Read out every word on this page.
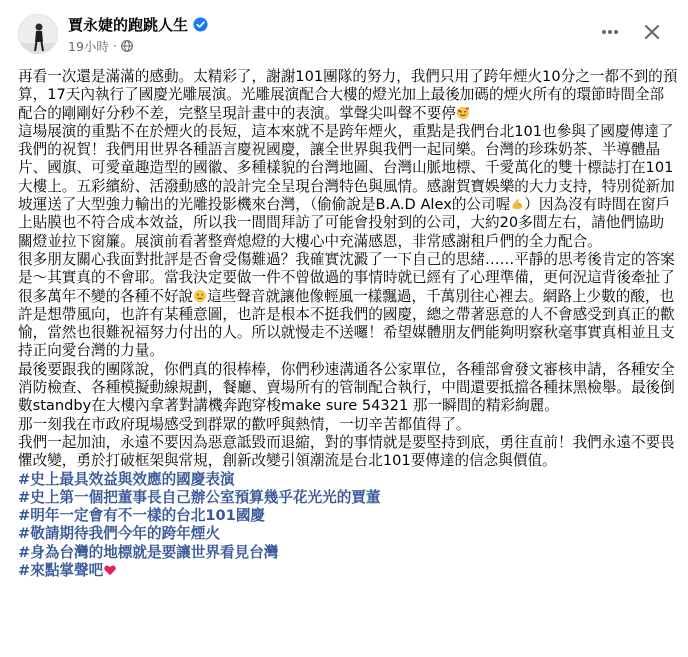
賈永婕的跑跳人生
19小時 ·

再看一次還是滿滿的感動。太精彩了，謝謝101團隊的努力，我們只用了跨年煙火10分之一都不到的預算，17天內執行了國慶光雕展演。光雕展演配合大樓的燈光加上最後加碼的煙火所有的環節時間全部配合的剛剛好分秒不差，完整呈現計畫中的表演。掌聲尖叫聲不要停

這場展演的重點不在於煙火的長短，這本來就不是跨年煙火，重點是我們台北101也參與了國慶傳達了我們的祝賀！我們用世界各種語言慶祝國慶，讓全世界與我們一起同樂。台灣的珍珠奶茶、半導體晶片、國旗、可愛童趣造型的國徽、多種樣貌的台灣地圖、台灣山脈地標、千愛萬化的雙十標誌打在101大樓上。五彩繽紛、活潑動感的設計完全呈現台灣特色與風情。感謝賀寶娛樂的大力支持，特別從新加坡運送了大型強力輸出的光雕投影機來台灣，（偷偷說是B.A.D Alex的公司喔 ）因為沒有時間在窗戶上貼膜也不符合成本效益，所以我一間間拜訪了可能會投射到的公司，大約20多間左右，請他們協助關燈並拉下窗簾。展演前看著整齊熄燈的大樓心中充滿感恩，非常感謝租戶們的全力配合。

很多朋友關心我面對批評是否會受傷難過？我確實沈澱了一下自己的思緒……平靜的思考後肯定的答案是～其實真的不會耶。當我決定要做一件不曾做過的事情時就已經有了心理準備，更何況這背後牽扯了很多萬年不變的各種不好說 這些聲音就讓他像輕風一樣飄過，千萬別往心裡去。網路上少數的酸，也許是想帶風向，也許有某種意圖，也許是根本不挺我們的國慶，總之帶著惡意的人不會感受到真正的歡愉，當然也很難祝福努力付出的人。所以就慢走不送囉！希望媒體朋友們能夠明察秋毫事實真相並且支持正向愛台灣的力量。

最後要跟我的團隊說，你們真的很棒棒，你們秒速溝通各公家單位，各種部會發文審核申請，各種安全消防檢查、各種模擬動線規劃，餐廳、賣場所有的管制配合執行，中間還要抵擋各種抹黑檢舉。最後倒數standby在大樓內拿著對講機奔跑穿梭make sure 54321 那一瞬間的精彩絢麗。

那一刻我在市政府現場感受到群眾的歡呼與熱情，一切辛苦都值得了。

我們一起加油，永遠不要因為惡意詆毀而退縮，對的事情就是要堅持到底，勇往直前！我們永遠不要畏懼改變，勇於打破框架與常規，創新改變引領潮流是台北101要傳達的信念與價值。

#史上最具效益與效應的國慶表演
#史上第一個把董事長自己辦公室預算幾乎花光光的賈董
#明年一定會有不一樣的台北101國慶
#敬請期待我們今年的跨年煙火
#身為台灣的地標就是要讓世界看見台灣
#來點掌聲吧
